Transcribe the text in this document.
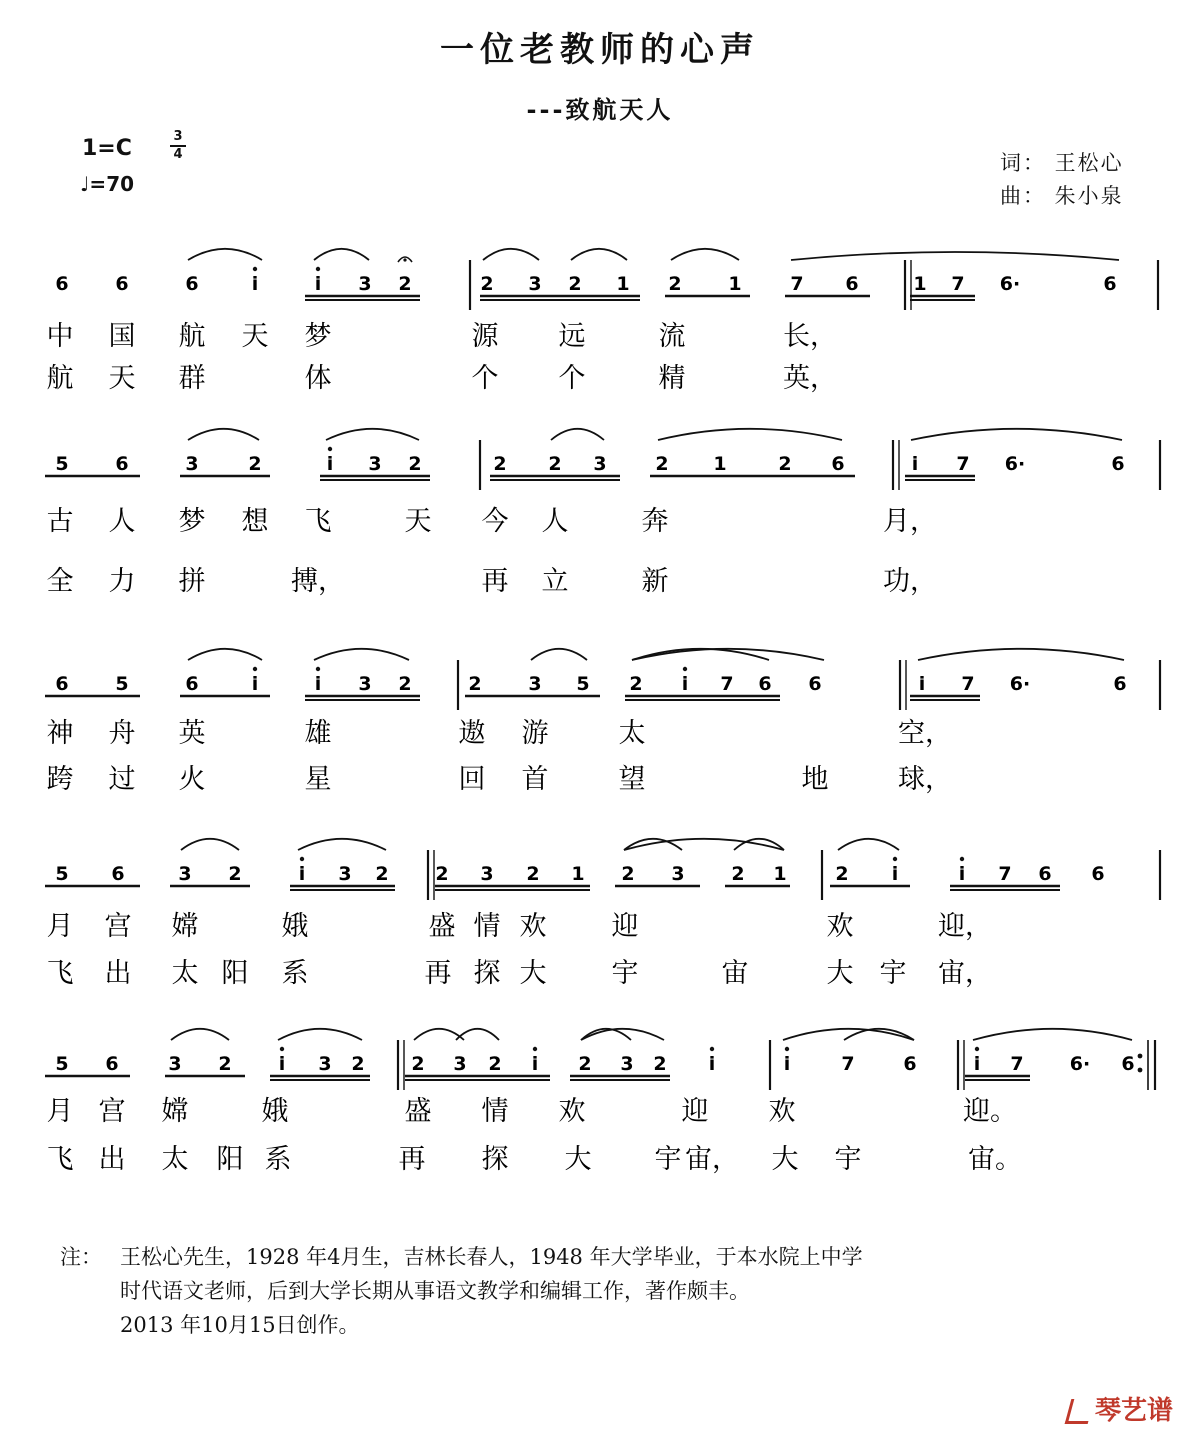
一位老教师的心声
---致航天人
1=C	3
4
♩=70
词： 王松心
曲： 朱小泉
6 6	6	i	i 3 2	2 3 2 1 2 1	7 6	1 7 6·	6
中 国 航 天 梦	源 远	流	长，
航 天 群	体	个 个	精	英，
5 6	3	2	i 3 2	2 2 3	2 1	2 6	i 7 6·	6
古 人 梦 想 飞	天 今 人	奔	月，
全 力 拼	搏，	再 立	新	功，
6 5	6	i	i 3 2	2 3 5 2 i 7 6 6	i 7 6·	6
神 舟 英	雄	遨 游	太	空，
跨 过 火	星	回 首	望	地	球，
5 6	3 2	i 3 2 2 3 2 1 2 3 2 1	2 i	i 7 6 6
月 宫 嫦	娥	盛 情 欢 迎	欢	迎，
飞 出 太 阳 系	再 探 大 宇	宙	大 宇 宙，
5 6	3 2 i 3 2 2 3 2 i 2 3 2 i	i	7	6	i 7 6· 6
月 宫 嫦	娥	盛 情 欢	迎 欢	迎。
飞 出 太 阳 系	再 探 大 宇 宙， 大 宇	宙。
注： 王松心先生，1928 年4月生，吉林长春人，1948 年大学毕业，于本水院上中学
时代语文老师，后到大学长期从事语文教学和编辑工作，著作颇丰。
2013 年10月15日创作。
琴艺谱
